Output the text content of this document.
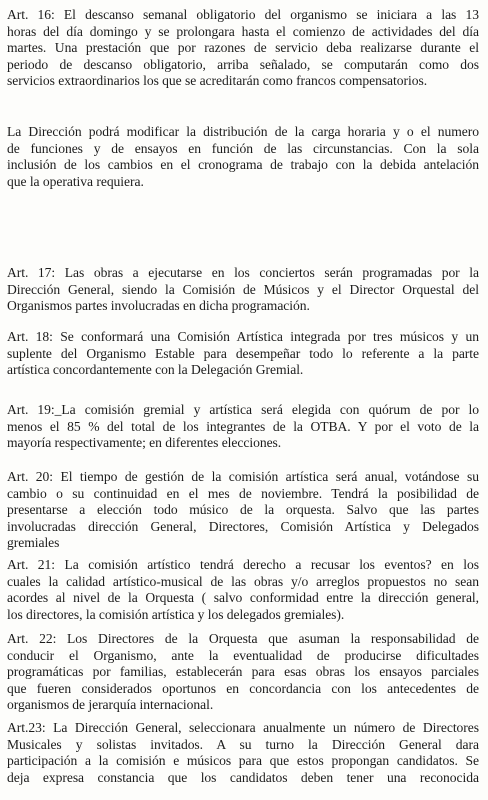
Art. 16: El descanso semanal obligatorio del organismo se iniciara a las 13
horas del día domingo y se prolongara hasta el comienzo de actividades del día
martes. Una prestación que por razones de servicio deba realizarse durante el
periodo de descanso obligatorio, arriba señalado, se computarán como dos
servicios extraordinarios los que se acreditarán como francos compensatorios.

La Dirección podrá modificar la distribución de la carga horaria y o el numero
de funciones y de ensayos en función de las circunstancias. Con la sola
inclusión de los cambios en el cronograma de trabajo con la debida antelación
que la operativa requiera.

Art. 17: Las obras a ejecutarse en los conciertos serán programadas por la
Dirección General, siendo la Comisión de Músicos y el Director Orquestal del
Organismos partes involucradas en dicha programación.

Art. 18: Se conformará una Comisión Artística integrada por tres músicos y un
suplente del Organismo Estable para desempeñar todo lo referente a la parte
artística concordantemente con la Delegación Gremial.

Art. 19:_La comisión gremial y artística será elegida con quórum de por lo
menos el 85 % del total de los integrantes de la OTBA. Y por el voto de la
mayoría respectivamente; en diferentes elecciones.

Art. 20: El tiempo de gestión de la comisión artística será anual, votándose su
cambio o su continuidad en el mes de noviembre. Tendrá la posibilidad de
presentarse a elección todo músico de la orquesta. Salvo que las partes
involucradas dirección General, Directores, Comisión Artística y Delegados
gremiales

Art. 21: La comisión artístico tendrá derecho a recusar los eventos? en los
cuales la calidad artístico-musical de las obras y/o arreglos propuestos no sean
acordes al nivel de la Orquesta ( salvo conformidad entre la dirección general,
los directores, la comisión artística y los delegados gremiales).

Art. 22: Los Directores de la Orquesta que asuman la responsabilidad de
conducir el Organismo, ante la eventualidad de producirse dificultades
programáticas por familias, establecerán para esas obras los ensayos parciales
que fueren considerados oportunos en concordancia con los antecedentes de
organismos de jerarquía internacional.

Art.23: La Dirección General, seleccionara anualmente un número de Directores
Musicales y solistas invitados. A su turno la Dirección General dara
participación a la comisión e músicos para que estos propongan candidatos. Se
deja expresa constancia que los candidatos deben tener una reconocida
